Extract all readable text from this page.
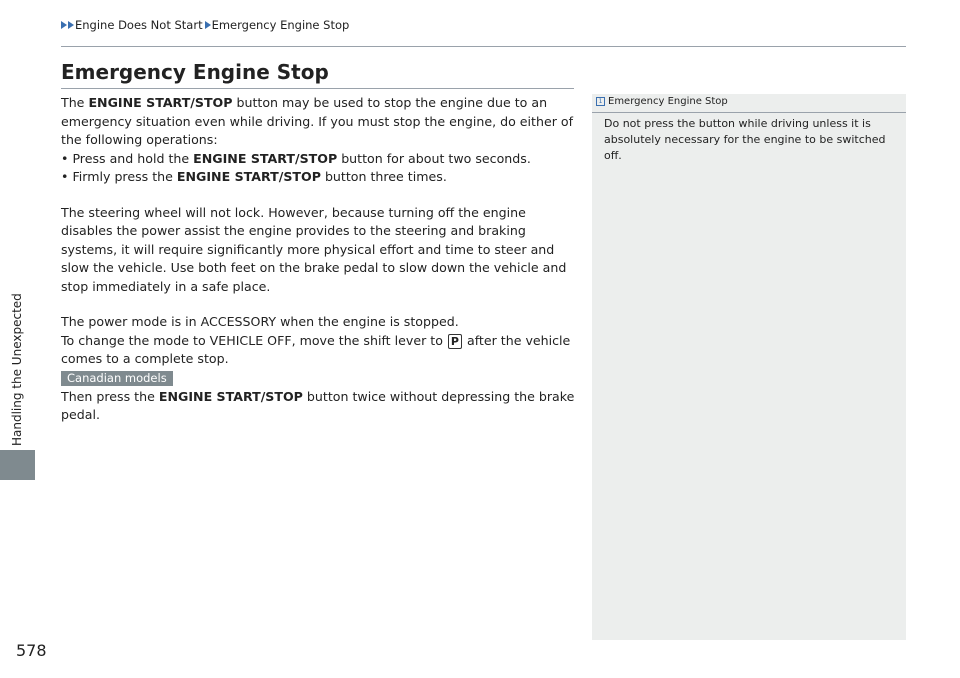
Engine Does Not Start Emergency Engine Stop
Handling the Unexpected
578
Emergency Engine Stop

The ENGINE START/STOP button may be used to stop the engine due to an emergency situation even while driving. If you must stop the engine, do either of the following operations:

• Press and hold the ENGINE START/STOP button for about two seconds.

• Firmly press the ENGINE START/STOP button three times.

The steering wheel will not lock. However, because turning off the engine disables the power assist the engine provides to the steering and braking systems, it will require significantly more physical effort and time to steer and slow the vehicle. Use both feet on the brake pedal to slow down the vehicle and stop immediately in a safe place.

The power mode is in ACCESSORY when the engine is stopped.

To change the mode to VEHICLE OFF, move the shift lever to P after the vehicle comes to a complete stop.

Canadian models

Then press the ENGINE START/STOP button twice without depressing the brake pedal.

1 Emergency Engine Stop

Do not press the button while driving unless it is absolutely necessary for the engine to be switched off.
